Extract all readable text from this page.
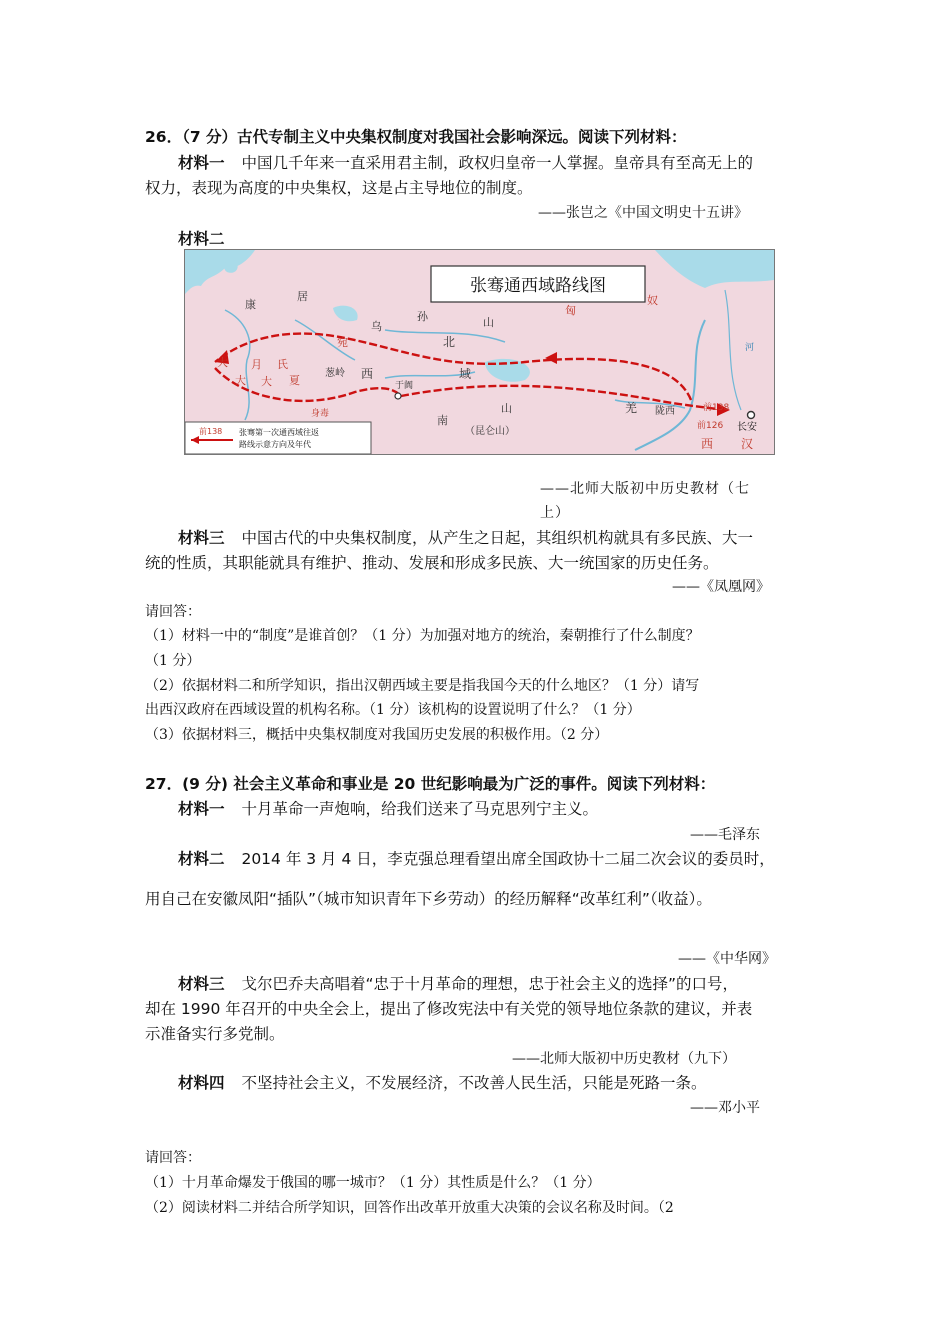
26．（7 分）古代专制主义中央集权制度对我国社会影响深远。阅读下列材料：
材料一 中国几千年来一直采用君主制，政权归皇帝一人掌握。皇帝具有至高无上的
权力，表现为高度的中央集权，这是占主导地位的制度。
——张岂之《中国文明史十五讲》
材料二
张骞通西域路线图
前138 张骞第一次通西域往返
路线示意方向及年代
康
居
乌
孙	山
北
匈
奴
大
宛
大
月 氏
大 夏
葱岭 西	域
于阗
南
山
（昆仑山）
身毒	羌 陇西	前138
前126 长安
西 汉
河
——北师大版初中历史教材（七
上）
材料三 中国古代的中央集权制度，从产生之日起，其组织机构就具有多民族、大一
统的性质，其职能就具有维护、推动、发展和形成多民族、大一统国家的历史任务。
——《凤凰网》
请回答：
（1）材料一中的“制度”是谁首创？（1 分）为加强对地方的统治，秦朝推行了什么制度？
（1 分）
（2）依据材料二和所学知识，指出汉朝西域主要是指我国今天的什么地区？（1 分）请写
出西汉政府在西域设置的机构名称。（1 分）该机构的设置说明了什么？（1 分）
（3）依据材料三，概括中央集权制度对我国历史发展的积极作用。（2 分）
27．(9 分) 社会主义革命和事业是 20 世纪影响最为广泛的事件。阅读下列材料：
材料一 十月革命一声炮响，给我们送来了马克思列宁主义。
——毛泽东
材料二 2014 年 3 月 4 日，李克强总理看望出席全国政协十二届二次会议的委员时，
用自己在安徽凤阳“插队”（城市知识青年下乡劳动）的经历解释“改革红利”（收益）。
——《中华网》
材料三 戈尔巴乔夫高唱着“忠于十月革命的理想，忠于社会主义的选择”的口号，
却在 1990 年召开的中央全会上，提出了修改宪法中有关党的领导地位条款的建议，并表
示准备实行多党制。
——北师大版初中历史教材（九下）
材料四 不坚持社会主义，不发展经济，不改善人民生活，只能是死路一条。
——邓小平
请回答：
（1）十月革命爆发于俄国的哪一城市？（1 分）其性质是什么？（1 分）
（2）阅读材料二并结合所学知识，回答作出改革开放重大决策的会议名称及时间。（2
